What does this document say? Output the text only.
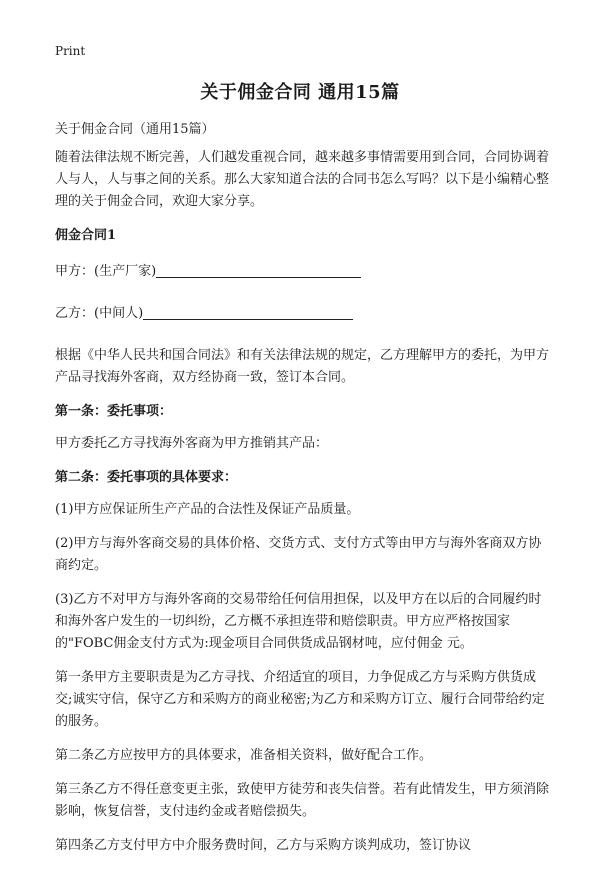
Print
关于佣金合同 通用15篇

关于佣金合同（通用15篇）

随着法律法规不断完善，人们越发重视合同，越来越多事情需要用到合同，合同协调着人与人，人与事之间的关系。那么大家知道合法的合同书怎么写吗？以下是小编精心整理的关于佣金合同，欢迎大家分享。

佣金合同1

甲方：(生产厂家)

乙方：(中间人)

根据《中华人民共和国合同法》和有关法律法规的规定，乙方理解甲方的委托，为甲方产品寻找海外客商，双方经协商一致，签订本合同。

第一条：委托事项：

甲方委托乙方寻找海外客商为甲方推销其产品：

第二条：委托事项的具体要求：

(1)甲方应保证所生产产品的合法性及保证产品质量。

(2)甲方与海外客商交易的具体价格、交货方式、支付方式等由甲方与海外客商双方协商约定。

(3)乙方不对甲方与海外客商的交易带给任何信用担保，以及甲方在以后的合同履约时和海外客户发生的一切纠纷，乙方概不承担连带和赔偿职责。甲方应严格按国家的"FOBC佣金支付方式为:现金项目合同供货成品钢材吨，应付佣金 元。

第一条甲方主要职责是为乙方寻找、介绍适宜的项目，力争促成乙方与采购方供货成交;诚实守信，保守乙方和采购方的商业秘密;为乙方和采购方订立、履行合同带给约定的服务。

第二条乙方应按甲方的具体要求，准备相关资料，做好配合工作。

第三条乙方不得任意变更主张，致使甲方徒劳和丧失信誉。若有此情发生，甲方须消除影响，恢复信誉，支付违约金或者赔偿损失。

第四条乙方支付甲方中介服务费时间，乙方与采购方谈判成功，签订协议
